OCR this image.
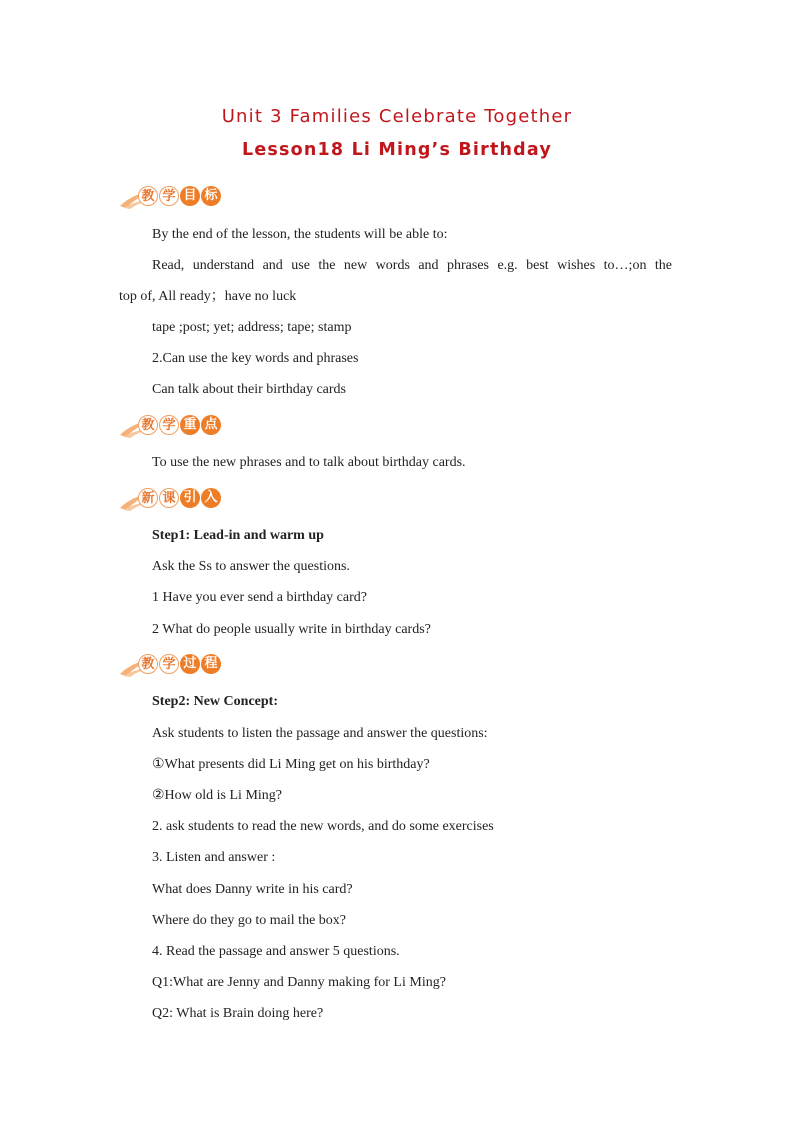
Unit 3 Families Celebrate Together
Lesson18 Li Ming’s Birthday
教 学 目 标
By the end of the lesson, the students will be able to:
Read, understand and use the new words and phrases e.g. best wishes to…;on the
top of, All ready；have no luck
tape ;post; yet; address; tape; stamp
2.Can use the key words and phrases
Can talk about their birthday cards
教 学 重 点
To use the new phrases and to talk about birthday cards.
新 课 引 入
Step1: Lead-in and warm up
Ask the Ss to answer the questions.
1 Have you ever send a birthday card?
2 What do people usually write in birthday cards?
教 学 过 程
Step2: New Concept:
Ask students to listen the passage and answer the questions:
①What presents did Li Ming get on his birthday?
②How old is Li Ming?
2. ask students to read the new words, and do some exercises
3. Listen and answer :
What does Danny write in his card?
Where do they go to mail the box?
4. Read the passage and answer 5 questions.
Q1:What are Jenny and Danny making for Li Ming?
Q2: What is Brain doing here?
